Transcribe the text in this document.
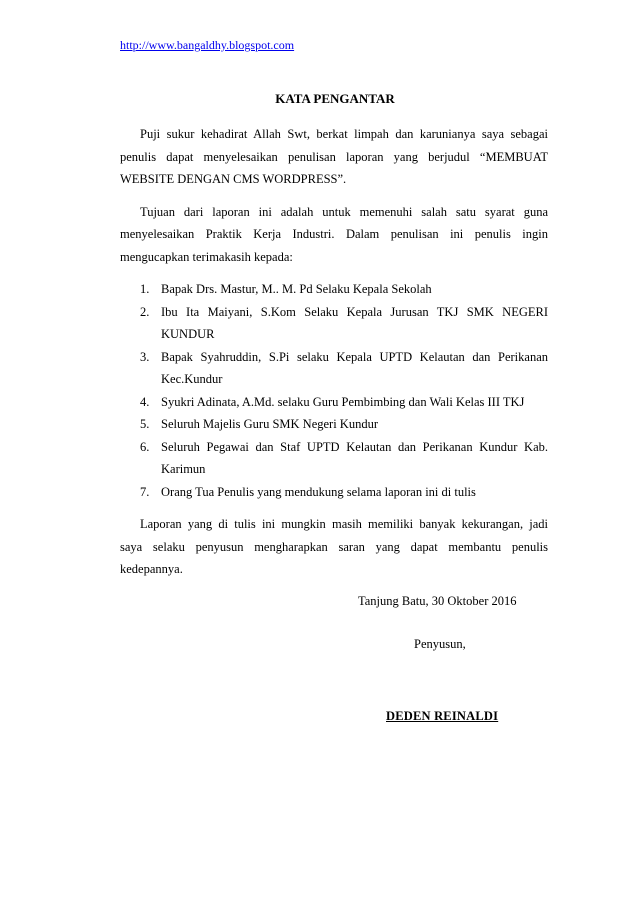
http://www.bangaldhy.blogspot.com
KATA PENGANTAR

Puji sukur kehadirat Allah Swt, berkat limpah dan karunianya saya sebagai
penulis dapat menyelesaikan penulisan laporan yang berjudul “MEMBUAT
WEBSITE DENGAN CMS WORDPRESS”.

Tujuan dari laporan ini adalah untuk memenuhi salah satu syarat guna
menyelesaikan Praktik Kerja Industri. Dalam penulisan ini penulis ingin
mengucapkan terimakasih kepada:

1. Bapak Drs. Mastur, M.. M. Pd Selaku Kepala Sekolah
2. Ibu Ita Maiyani, S.Kom Selaku Kepala Jurusan TKJ SMK NEGERI
KUNDUR
3. Bapak Syahruddin, S.Pi selaku Kepala UPTD Kelautan dan Perikanan
Kec.Kundur
4. Syukri Adinata, A.Md. selaku Guru Pembimbing dan Wali Kelas III TKJ
5. Seluruh Majelis Guru SMK Negeri Kundur
6. Seluruh Pegawai dan Staf UPTD Kelautan dan Perikanan Kundur Kab.
Karimun
7. Orang Tua Penulis yang mendukung selama laporan ini di tulis

Laporan yang di tulis ini mungkin masih memiliki banyak kekurangan, jadi
saya selaku penyusun mengharapkan saran yang dapat membantu penulis
kedepannya.

Tanjung Batu, 30 Oktober 2016
Penyusun,
DEDEN REINALDI
